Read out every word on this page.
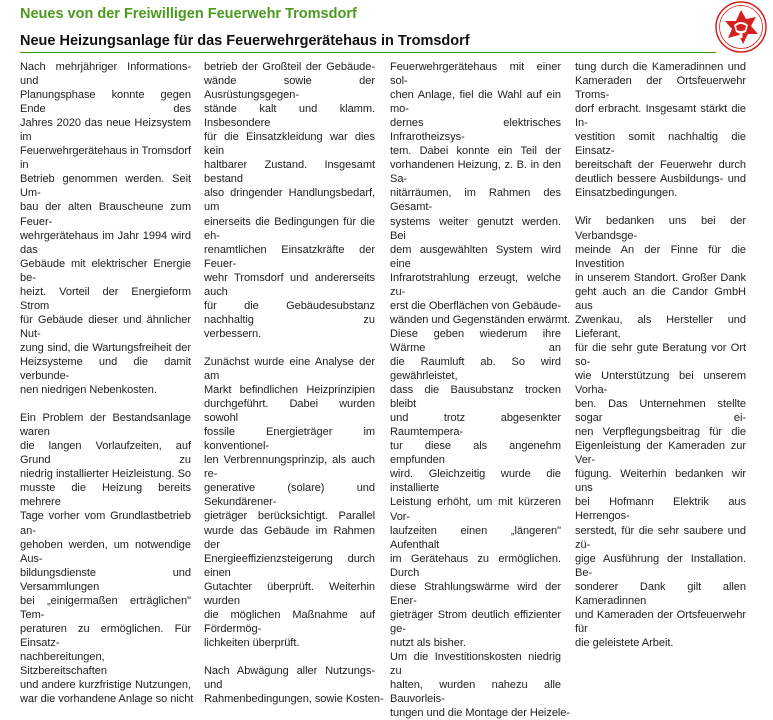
Neues von der Freiwilligen Feuerwehr Tromsdorf
Neue Heizungsanlage für das Feuerwehrgerätehaus in Tromsdorf

Nach mehrjähriger Informations- und
Planungsphase konnte gegen Ende des
Jahres 2020 das neue Heizsystem im
Feuerwehrgerätehaus in Tromsdorf in
Betrieb genommen werden. Seit Um-
bau der alten Brauscheune zum Feuer-
wehrgerätehaus im Jahr 1994 wird das
Gebäude mit elektrischer Energie be-
heizt. Vorteil der Energieform Strom
für Gebäude dieser und ähnlicher Nut-
zung sind, die Wartungsfreiheit der
Heizsysteme und die damit verbunde-
nen niedrigen Nebenkosten.

Ein Problem der Bestandsanlage waren
die langen Vorlaufzeiten, auf Grund zu
niedrig installierter Heizleistung. So
musste die Heizung bereits mehrere
Tage vorher vom Grundlastbetrieb an-
gehoben werden, um notwendige Aus-
bildungsdienste und Versammlungen
bei „einigermaßen erträglichen" Tem-
peraturen zu ermöglichen. Für Einsatz-
nachbereitungen, Sitzbereitschaften
und andere kurzfristige Nutzungen,
war die vorhandene Anlage so nicht

betrieb der Großteil der Gebäude-
wände sowie der Ausrüstungsgegen-
stände kalt und klamm. Insbesondere
für die Einsatzkleidung war dies kein
haltbarer Zustand. Insgesamt bestand
also dringender Handlungsbedarf, um
einerseits die Bedingungen für die eh-
renamtlichen Einsatzkräfte der Feuer-
wehr Tromsdorf und andererseits auch
für die Gebäudesubstanz nachhaltig zu
verbessern.

Zunächst wurde eine Analyse der am
Markt befindlichen Heizprinzipien
durchgeführt. Dabei wurden sowohl
fossile Energieträger im konventionel-
len Verbrennungsprinzip, als auch re-
generative (solare) und Sekundärener-
gieträger berücksichtigt. Parallel
wurde das Gebäude im Rahmen der
Energieeffizienzsteigerung durch einen
Gutachter überprüft. Weiterhin wurden
die möglichen Maßnahme auf Fördermög-
lichkeiten überprüft.

Nach Abwägung aller Nutzungs- und
Rahmenbedingungen, sowie Kosten-

Feuerwehrgerätehaus mit einer sol-
chen Anlage, fiel die Wahl auf ein mo-
dernes elektrisches Infrarotheizsys-
tem. Dabei konnte ein Teil der
vorhandenen Heizung, z. B. in den Sa-
nitärräumen, im Rahmen des Gesamt-
systems weiter genutzt werden. Bei
dem ausgewählten System wird eine
Infrarotstrahlung erzeugt, welche zu-
erst die Oberflächen von Gebäude-
wänden und Gegenständen erwärmt.
Diese geben wiederum ihre Wärme an
die Raumluft ab. So wird gewährleistet,
dass die Bausubstanz trocken bleibt
und trotz abgesenkter Raumtempera-
tur diese als angenehm empfunden
wird. Gleichzeitig wurde die installierte
Leistung erhöht, um mit kürzeren Vor-
laufzeiten einen „längeren" Aufenthalt
im Gerätehaus zu ermöglichen. Durch
diese Strahlungswärme wird der Ener-
gieträger Strom deutlich effizienter ge-
nutzt als bisher.
Um die Investitionskosten niedrig zu
halten, wurden nahezu alle Bauvorleis-
tungen und die Montage der Heizele-

tung durch die Kameradinnen und
Kameraden der Ortsfeuerwehr Troms-
dorf erbracht. Insgesamt stärkt die In-
vestition somit nachhaltig die Einsatz-
bereitschaft der Feuerwehr durch
deutlich bessere Ausbildungs- und
Einsatzbedingungen.

Wir bedanken uns bei der Verbandsge-
meinde An der Finne für die Investition
in unserem Standort. Großer Dank
geht auch an die Candor GmbH aus
Zwenkau, als Hersteller und Lieferant,
für die sehr gute Beratung vor Ort so-
wie Unterstützung bei unserem Vorha-
ben. Das Unternehmen stellte sogar ei-
nen Verpflegungsbeitrag für die
Eigenleistung der Kameraden zur Ver-
fügung. Weiterhin bedanken wir uns
bei Hofmann Elektrik aus Herrengos-
serstedt, für die sehr saubere und zü-
gige Ausführung der Installation. Be-
sonderer Dank gilt allen Kameradinnen
und Kameraden der Ortsfeuerwehr für
die geleistete Arbeit.
